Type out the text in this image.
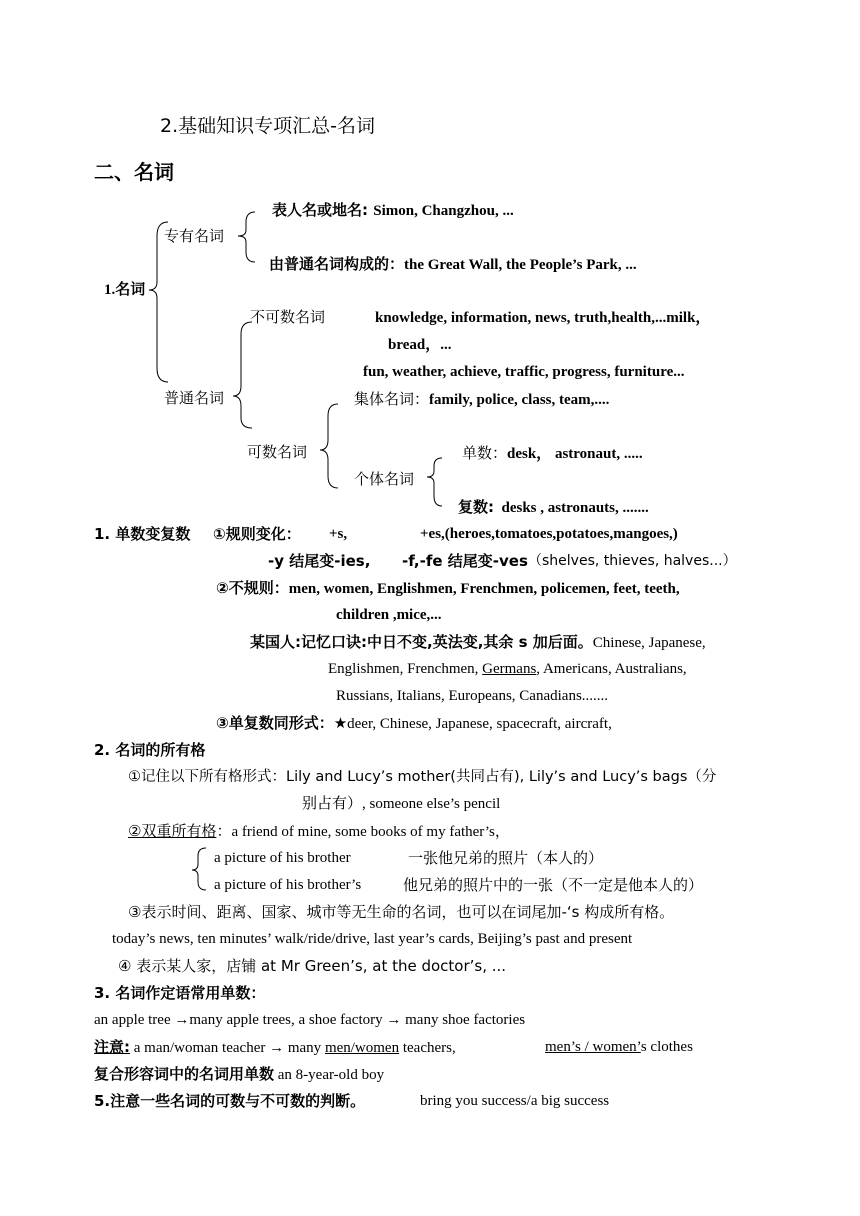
2.基础知识专项汇总-名词
二、名词
1.名词
专有名词
表人名或地名: Simon, Changzhou, ...
由普通名词构成的：the Great Wall, the People’s Park, ...
普通名词
不可数名词	knowledge, information, news, truth,health,...milk，
bread，...
fun, weather, achieve, traffic, progress, furniture...
可数名词
集体名词：family, police, class, team,....
个体名词
单数：desk， astronaut, .....
复数: desks , astronauts, .......
1. 单数变复数 ①规则变化： +s,	+es,(heroes,tomatoes,potatoes,mangoes,)
-y 结尾变-ies, -f,-fe 结尾变-ves （shelves, thieves, halves...）
②不规则：men, women, Englishmen, Frenchmen, policemen, feet, teeth,
children ,mice,...
某国人:记忆口诀:中日不变,英法变,其余 s 加后面。Chinese, Japanese,
Englishmen, Frenchmen, Germans, Americans, Australians,
Russians, Italians, Europeans, Canadians.......
③单复数同形式：★deer, Chinese, Japanese, spacecraft, aircraft,
2. 名词的所有格
①记住以下所有格形式：Lily and Lucy’s mother(共同占有), Lily’s and Lucy’s bags（分
别占有）, someone else’s pencil
②双重所有格：a friend of mine, some books of my father’s，
a picture of his brother	一张他兄弟的照片（本人的）
a picture of his brother’s	他兄弟的照片中的一张（不一定是他本人的）
③表示时间、距离、国家、城市等无生命的名词，也可以在词尾加-‘s 构成所有格。
today’s news, ten minutes’ walk/ride/drive, last year’s cards, Beijing’s past and present
④ 表示某人家，店铺 at Mr Green’s, at the doctor’s, ...
3. 名词作定语常用单数：
an apple tree →many apple trees, a shoe factory → many shoe factories
注意: a man/woman teacher → many men/women teachers,	men’s / women’s clothes
复合形容词中的名词用单数 an 8-year-old boy
5.注意一些名词的可数与不可数的判断。	bring you success/a big success
